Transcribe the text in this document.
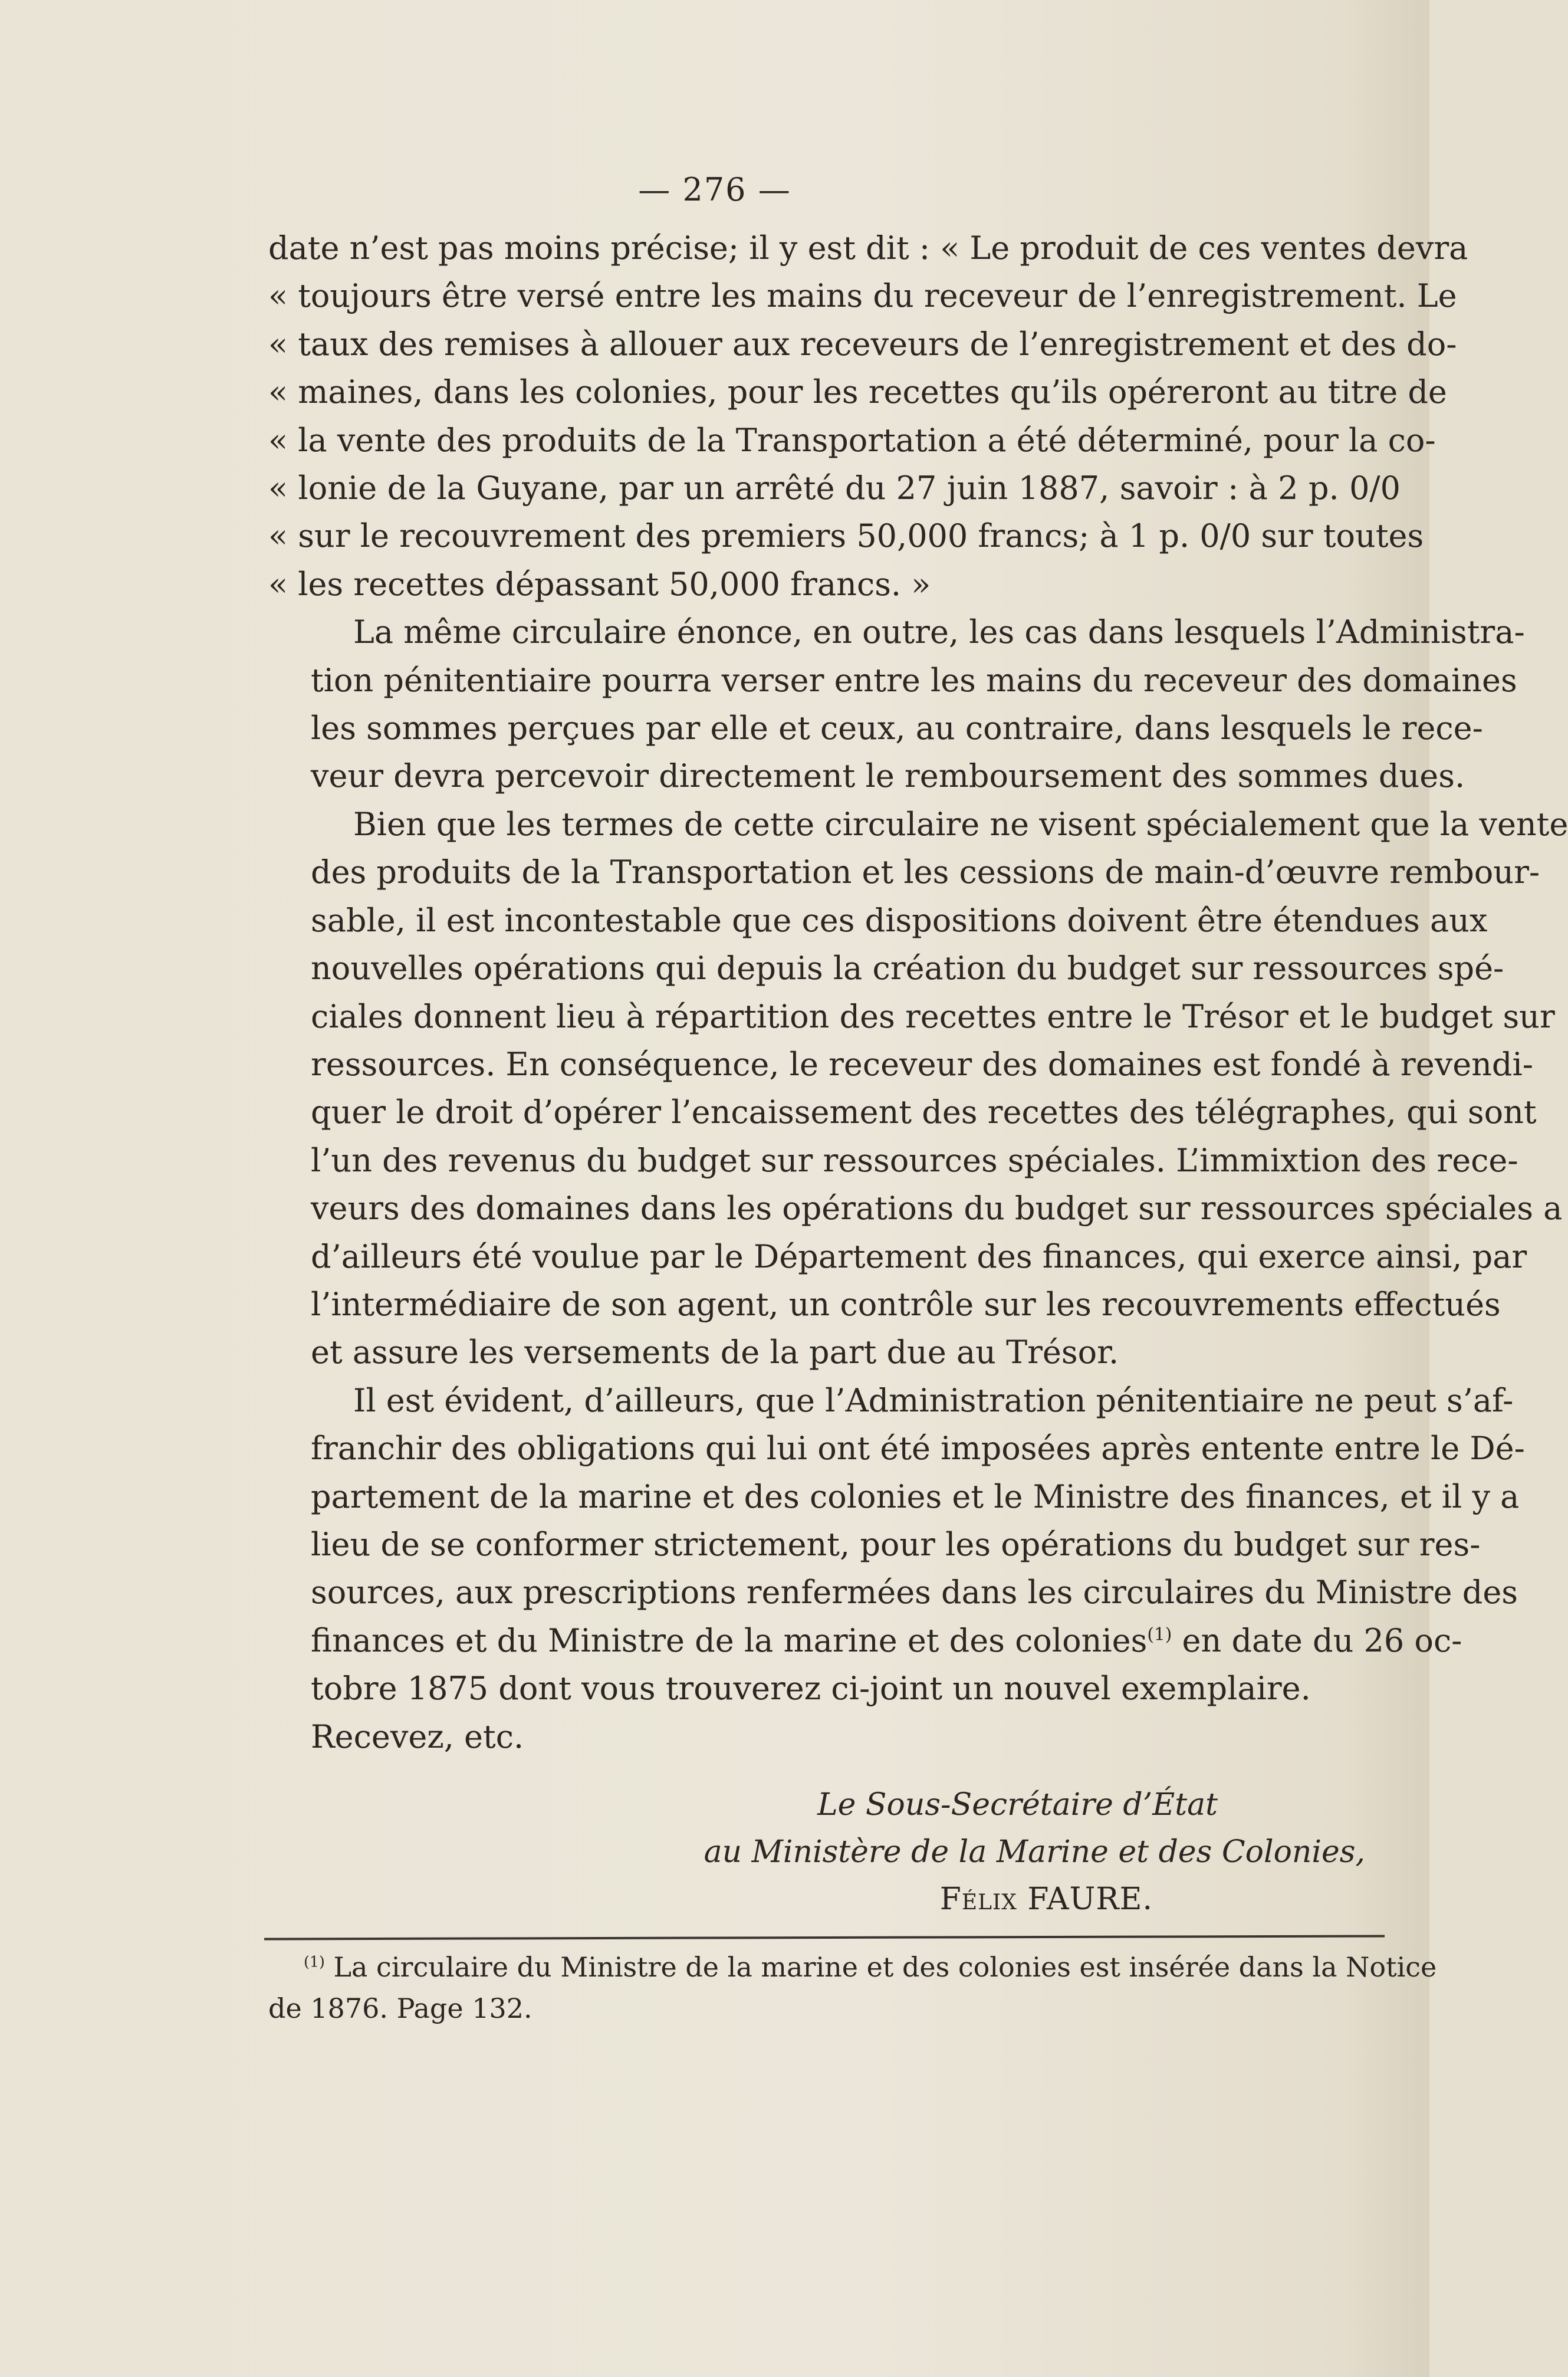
— 276 —

date n’est pas moins précise; il y est dit : « Le produit de ces ventes devra
« toujours être versé entre les mains du receveur de l’enregistrement. Le
« taux des remises à allouer aux receveurs de l’enregistrement et des do-
« maines, dans les colonies, pour les recettes qu’ils opéreront au titre de
« la vente des produits de la Transportation a été déterminé, pour la co-
« lonie de la Guyane, par un arrêté du 27 juin 1887, savoir : à 2 p. 0/0
« sur le recouvrement des premiers 50,000 francs; à 1 p. 0/0 sur toutes
« les recettes dépassant 50,000 francs. »

La même circulaire énonce, en outre, les cas dans lesquels l’Administra-
tion pénitentiaire pourra verser entre les mains du receveur des domaines
les sommes perçues par elle et ceux, au contraire, dans lesquels le rece-
veur devra percevoir directement le remboursement des sommes dues.

Bien que les termes de cette circulaire ne visent spécialement que la vente
des produits de la Transportation et les cessions de main-d’œuvre rembour-
sable, il est incontestable que ces dispositions doivent être étendues aux
nouvelles opérations qui depuis la création du budget sur ressources spé-
ciales donnent lieu à répartition des recettes entre le Trésor et le budget sur
ressources. En conséquence, le receveur des domaines est fondé à revendi-
quer le droit d’opérer l’encaissement des recettes des télégraphes, qui sont
l’un des revenus du budget sur ressources spéciales. L’immixtion des rece-
veurs des domaines dans les opérations du budget sur ressources spéciales a
d’ailleurs été voulue par le Département des finances, qui exerce ainsi, par
l’intermédiaire de son agent, un contrôle sur les recouvrements effectués
et assure les versements de la part due au Trésor.

Il est évident, d’ailleurs, que l’Administration pénitentiaire ne peut s’af-
franchir des obligations qui lui ont été imposées après entente entre le Dé-
partement de la marine et des colonies et le Ministre des finances, et il y a
lieu de se conformer strictement, pour les opérations du budget sur res-
sources, aux prescriptions renfermées dans les circulaires du Ministre des
finances et du Ministre de la marine et des colonies$^{(1)}$ en date du 26 oc-
tobre 1875 dont vous trouverez ci-joint un nouvel exemplaire.

Recevez, etc.

Le Sous-Secrétaire d’État
au Ministère de la Marine et des Colonies,
Félix FAURE.
$^{(1)}$ La circulaire du Ministre de la marine et des colonies est insérée dans la Notice
de 1876. Page 132.
